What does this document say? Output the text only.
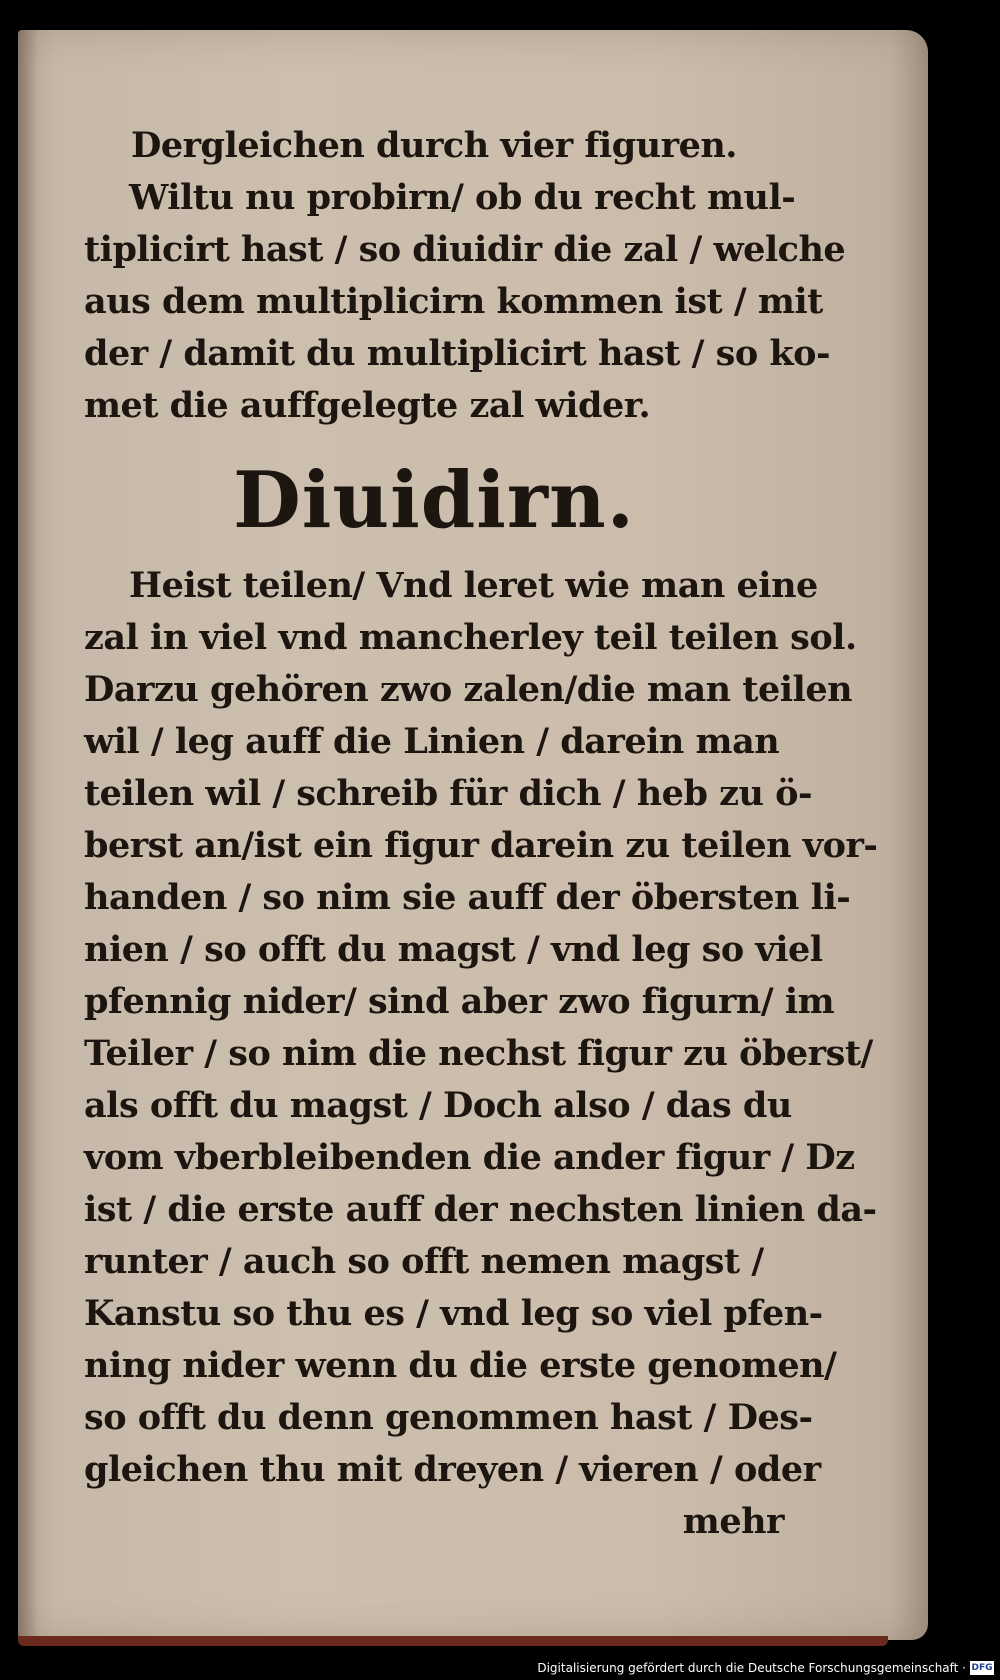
Dergleichen durch vier figuren.
Wiltu nu probirn/ ob du recht mul-
tiplicirt hast / so diuidir die zal / welche
aus dem multiplicirn kommen ist / mit
der / damit du multiplicirt hast / so ko-
met die auffgelegte zal wider.
Diuidirn.
Heist teilen/ Vnd leret wie man eine
zal in viel vnd mancherley teil teilen sol.
Darzu gehören zwo zalen/die man teilen
wil / leg auff die Linien / darein man
teilen wil / schreib für dich / heb zu ö-
berst an/ist ein figur darein zu teilen vor-
handen / so nim sie auff der öbersten li-
nien / so offt du magst / vnd leg so viel
pfennig nider/ sind aber zwo figurn/ im
Teiler / so nim die nechst figur zu öberst/
als offt du magst / Doch also / das du
vom vberbleibenden die ander figur / Dz
ist / die erste auff der nechsten linien da-
runter / auch so offt nemen magst /
Kanstu so thu es / vnd leg so viel pfen-
ning nider wenn du die erste genomen/
so offt du denn genommen hast / Des-
gleichen thu mit dreyen / vieren / oder
mehr
Digitalisierung gefördert durch die Deutsche Forschungsgemeinschaft · DFG
